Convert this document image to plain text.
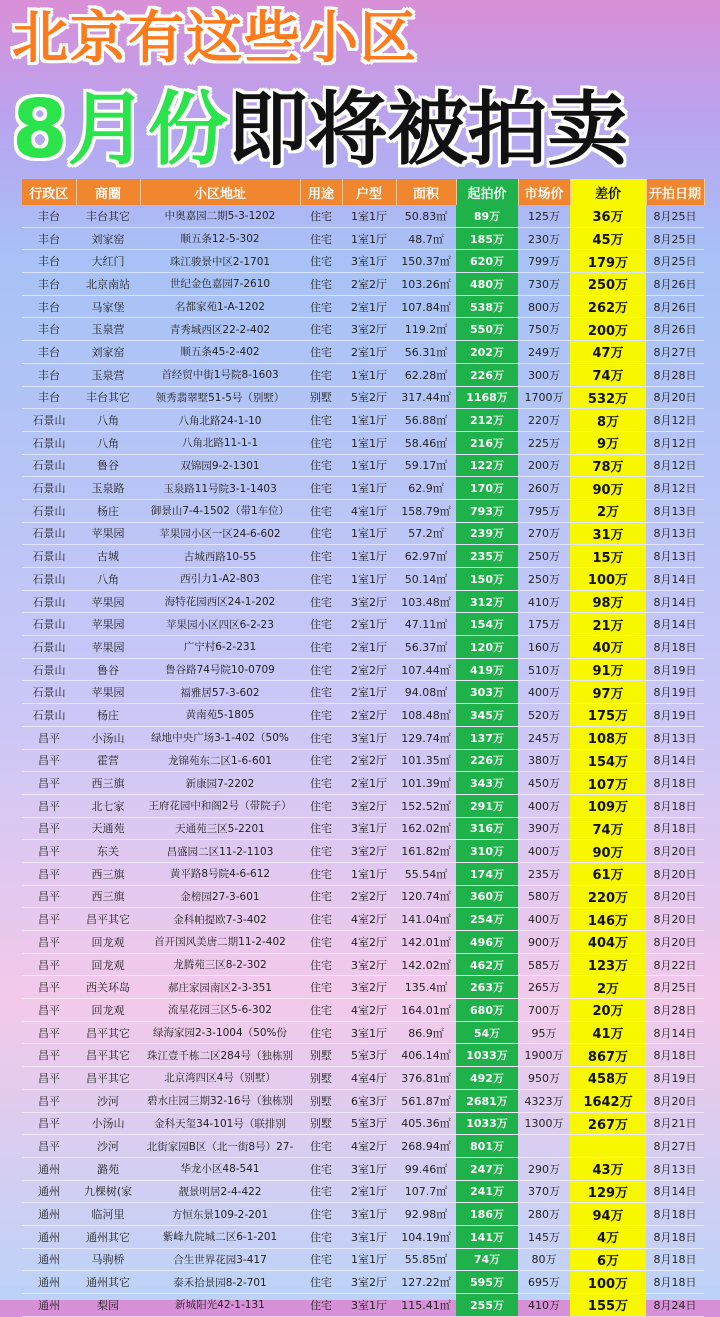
北京有这些小区
8月份即将被拍卖
行政区	商圈	小区地址	用途	户型	面积	起拍价	市场价	差价	开拍日期
丰台	丰台其它	中奥嘉园二期5-3-1202	住宅	1室1厅	50.83㎡	89万	125万	36万	8月25日
丰台	刘家窑	顺五条12-5-302	住宅	1室1厅	48.7㎡	185万	230万	45万	8月25日
丰台	大红门	珠江骏景中区2-1701	住宅	3室1厅	150.37㎡	620万	799万	179万	8月25日
丰台	北京南站	世纪金色嘉园7-2610	住宅	2室2厅	103.26㎡	480万	730万	250万	8月26日
丰台	马家堡	名都家苑1-A-1202	住宅	2室1厅	107.84㎡	538万	800万	262万	8月26日
丰台	玉泉营	青秀城西区22-2-402	住宅	3室2厅	119.2㎡	550万	750万	200万	8月26日
丰台	刘家窑	顺五条45-2-402	住宅	2室1厅	56.31㎡	202万	249万	47万	8月27日
丰台	玉泉营	首经贸中街1号院8-1603	住宅	1室1厅	62.28㎡	226万	300万	74万	8月28日
丰台	丰台其它	领秀翡翠墅51-5号（别墅）	别墅	5室2厅	317.44㎡	1168万	1700万	532万	8月20日
石景山	八角	八角北路24-1-10	住宅	1室1厅	56.88㎡	212万	220万	8万	8月12日
石景山	八角	八角北路11-1-1	住宅	1室1厅	58.46㎡	216万	225万	9万	8月12日
石景山	鲁谷	双锦园9-2-1301	住宅	1室1厅	59.17㎡	122万	200万	78万	8月12日
石景山	玉泉路	玉泉路11号院3-1-1403	住宅	1室1厅	62.9㎡	170万	260万	90万	8月12日
石景山	杨庄	御景山7-4-1502（带1车位）	住宅	4室1厅	158.79㎡	793万	795万	2万	8月13日
石景山	苹果园	苹果园小区一区24-6-602	住宅	1室1厅	57.2㎡	239万	270万	31万	8月13日
石景山	古城	古城西路10-55	住宅	1室1厅	62.97㎡	235万	250万	15万	8月13日
石景山	八角	西引力1-A2-803	住宅	1室1厅	50.14㎡	150万	250万	100万	8月14日
石景山	苹果园	海特花园西区24-1-202	住宅	3室2厅	103.48㎡	312万	410万	98万	8月14日
石景山	苹果园	苹果园小区四区6-2-23	住宅	2室1厅	47.11㎡	154万	175万	21万	8月14日
石景山	苹果园	广宁村6-2-231	住宅	2室1厅	56.37㎡	120万	160万	40万	8月18日
石景山	鲁谷	鲁谷路74号院10-0709	住宅	2室2厅	107.44㎡	419万	510万	91万	8月19日
石景山	苹果园	福雅居57-3-602	住宅	2室1厅	94.08㎡	303万	400万	97万	8月19日
石景山	杨庄	黄南苑5-1805	住宅	2室2厅	108.48㎡	345万	520万	175万	8月19日
昌平	小汤山	绿地中央广场3-1-402（50%	住宅	3室1厅	129.74㎡	137万	245万	108万	8月13日
昌平	霍营	龙锦苑东二区1-6-601	住宅	2室2厅	101.35㎡	226万	380万	154万	8月14日
昌平	西三旗	新康园7-2202	住宅	2室1厅	101.39㎡	343万	450万	107万	8月18日
昌平	北七家	王府花园中和阁2号（带院子）	住宅	3室2厅	152.52㎡	291万	400万	109万	8月18日
昌平	天通苑	天通苑三区5-2201	住宅	3室1厅	162.02㎡	316万	390万	74万	8月18日
昌平	东关	昌盛园二区11-2-1103	住宅	3室2厅	161.82㎡	310万	400万	90万	8月20日
昌平	西三旗	黄平路8号院4-6-612	住宅	1室1厅	55.54㎡	174万	235万	61万	8月20日
昌平	西三旗	金榜园27-3-601	住宅	2室2厅	120.74㎡	360万	580万	220万	8月20日
昌平	昌平其它	金科帕提欧7-3-402	住宅	4室2厅	141.04㎡	254万	400万	146万	8月20日
昌平	回龙观	首开国风美唐二期11-2-402	住宅	4室2厅	142.01㎡	496万	900万	404万	8月20日
昌平	回龙观	龙腾苑三区8-2-302	住宅	3室2厅	142.02㎡	462万	585万	123万	8月22日
昌平	西关环岛	郝庄家园南区2-3-351	住宅	3室2厅	135.4㎡	263万	265万	2万	8月25日
昌平	回龙观	流星花园三区5-6-302	住宅	4室2厅	164.01㎡	680万	700万	20万	8月28日
昌平	昌平其它	绿海家园2-3-1004（50%份	住宅	3室1厅	86.9㎡	54万	95万	41万	8月14日
昌平	昌平其它	珠江壹千栋二区284号（独栋别	别墅	5室3厅	406.14㎡	1033万	1900万	867万	8月18日
昌平	昌平其它	北京湾四区4号（别墅）	别墅	4室4厅	376.81㎡	492万	950万	458万	8月19日
昌平	沙河	碧水庄园三期32-16号（独栋别	别墅	6室3厅	561.87㎡	2681万	4323万	1642万	8月20日
昌平	小汤山	金科天玺34-101号（联排别	别墅	5室3厅	405.36㎡	1033万	1300万	267万	8月21日
昌平	沙河	北街家园B区（北一街8号）27-	住宅	4室2厅	268.94㎡	801万			8月27日
通州	潞苑	华龙小区48-541	住宅	3室1厅	99.46㎡	247万	290万	43万	8月13日
通州	九棵树(家	靓景明居2-4-422	住宅	2室1厅	107.7㎡	241万	370万	129万	8月14日
通州	临河里	方恒东景109-2-201	住宅	3室1厅	92.98㎡	186万	280万	94万	8月18日
通州	通州其它	紫峰九院城二区6-1-201	住宅	3室1厅	104.19㎡	141万	145万	4万	8月18日
通州	马驹桥	合生世界花园3-417	住宅	1室1厅	55.85㎡	74万	80万	6万	8月18日
通州	通州其它	泰禾拾景园8-2-701	住宅	3室2厅	127.22㎡	595万	695万	100万	8月18日
通州	梨园	新城阳光42-1-131	住宅	3室1厅	115.41㎡	255万	410万	155万	8月24日
